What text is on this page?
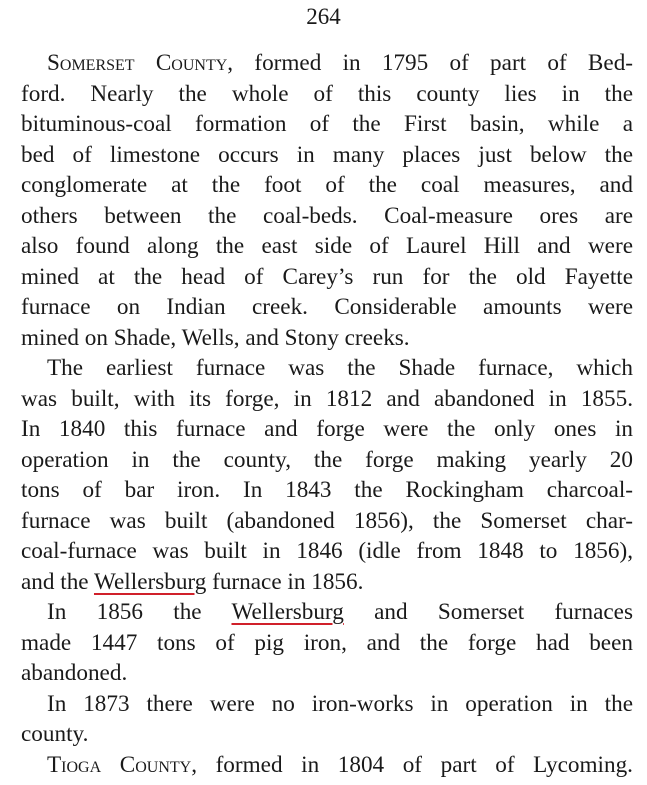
264
Somerset County, formed in 1795 of part of Bed-
ford. Nearly the whole of this county lies in the
bituminous-coal formation of the First basin, while a
bed of limestone occurs in many places just below the
conglomerate at the foot of the coal measures, and
others between the coal-beds. Coal-measure ores are
also found along the east side of Laurel Hill and were
mined at the head of Carey’s run for the old Fayette
furnace on Indian creek. Considerable amounts were
mined on Shade, Wells, and Stony creeks.
The earliest furnace was the Shade furnace, which
was built, with its forge, in 1812 and abandoned in 1855.
In 1840 this furnace and forge were the only ones in
operation in the county, the forge making yearly 20
tons of bar iron. In 1843 the Rockingham charcoal-
furnace was built (abandoned 1856), the Somerset char-
coal-furnace was built in 1846 (idle from 1848 to 1856),
and the Wellersburg furnace in 1856.
In 1856 the Wellersburg and Somerset furnaces
made 1447 tons of pig iron, and the forge had been
abandoned.
In 1873 there were no iron-works in operation in the
county.
Tioga County, formed in 1804 of part of Lycoming.
